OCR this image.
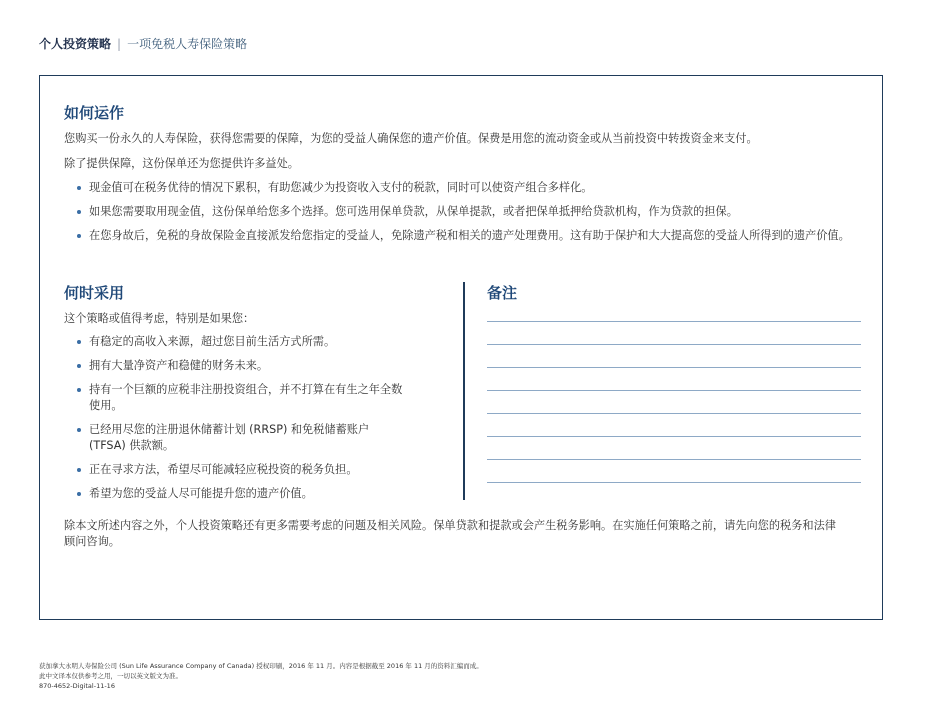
个人投资策略 | 一项免税人寿保险策略
如何运作
您购买一份永久的人寿保险，获得您需要的保障，为您的受益人确保您的遗产价值。保费是用您的流动资金或从当前投资中转拨资金来支付。
除了提供保障，这份保单还为您提供许多益处。
现金值可在税务优待的情况下累积，有助您减少为投资收入支付的税款，同时可以使资产组合多样化。
如果您需要取用现金值，这份保单给您多个选择。您可选用保单贷款，从保单提款，或者把保单抵押给贷款机构，作为贷款的担保。
在您身故后，免税的身故保险金直接派发给您指定的受益人，免除遗产税和相关的遗产处理费用。这有助于保护和大大提高您的受益人所得到的遗产价值。
何时采用
这个策略或值得考虑，特别是如果您：
有稳定的高收入来源，超过您目前生活方式所需。
拥有大量净资产和稳健的财务未来。
持有一个巨额的应税非注册投资组合，并不打算在有生之年全数使用。
已经用尽您的注册退休储蓄计划 (RRSP) 和免税储蓄账户 (TFSA) 供款额。
正在寻求方法，希望尽可能减轻应税投资的税务负担。
希望为您的受益人尽可能提升您的遗产价值。
备注
除本文所述内容之外，个人投资策略还有更多需要考虑的问题及相关风险。保单贷款和提款或会产生税务影响。在实施任何策略之前，请先向您的税务和法律顾问咨询。
获加拿大永明人寿保险公司 (Sun Life Assurance Company of Canada) 授权印刷，2016 年 11 月。内容是根据截至 2016 年 11 月的资料汇编而成。
此中文译本仅供参考之用，一切以英文版文为准。
870-4652-Digital-11-16
